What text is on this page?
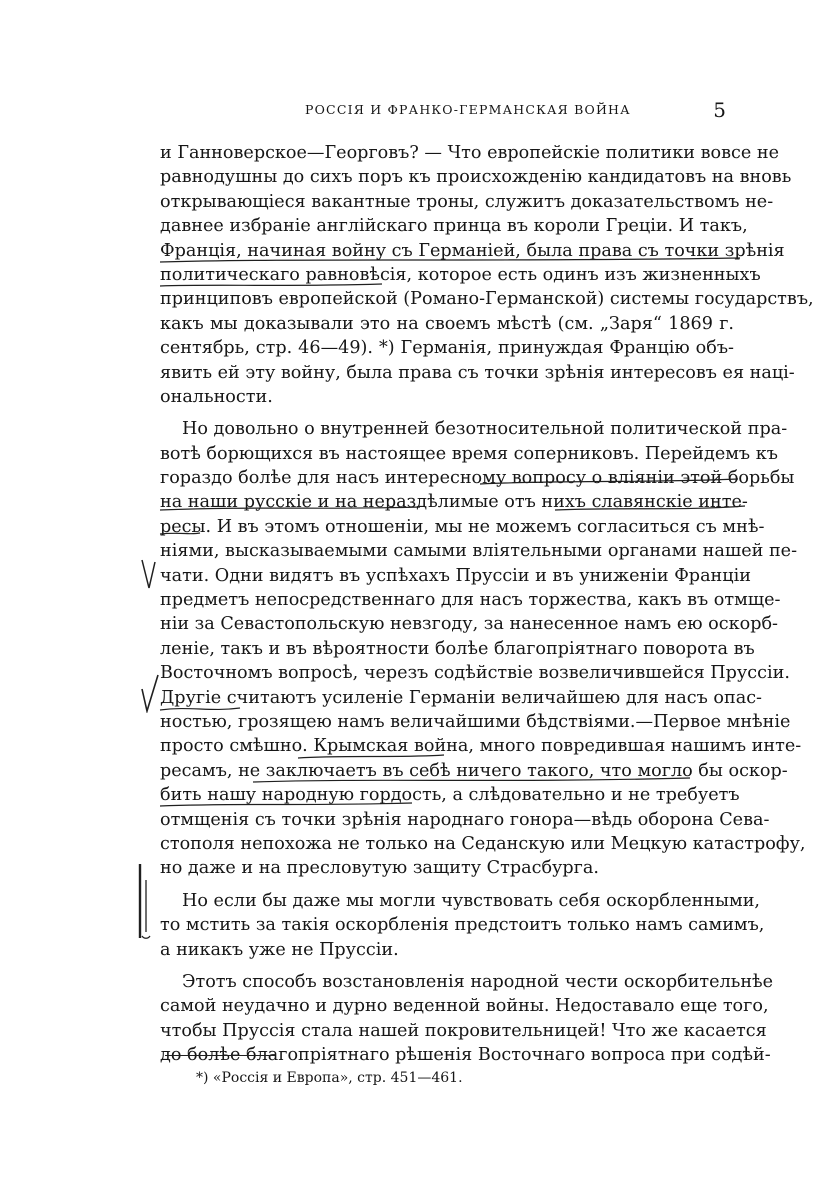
РОССІЯ И ФРАНКО-ГЕРМАНСКАЯ ВОЙНА	5
и Ганноверское—Георговъ? — Что европейскіе политики вовсе не
равнодушны до сихъ поръ къ происхожденію кандидатовъ на вновь
открывающіеся вакантные троны, служитъ доказательствомъ не-
давнее избраніе англійскаго принца въ короли Греціи. И такъ,
Франція, начиная войну съ Германіей, была права съ точки зрѣнія
политическаго равновѣсія, которое есть одинъ изъ жизненныхъ
принциповъ европейской (Романо-Германской) системы государствъ,
какъ мы доказывали это на своемъ мѣстѣ (см. „Заря“ 1869 г.
сентябрь, стр. 46—49). *) Германія, принуждая Францію объ-
явить ей эту войну, была права съ точки зрѣнія интересовъ ея наці-
ональности.
Но довольно о внутренней безотносительной политической пра-
вотѣ борющихся въ настоящее время соперниковъ. Перейдемъ къ
гораздо болѣе для насъ интересному вопросу о вліяніи этой борьбы
на наши русскіе и на нераздѣлимые отъ нихъ славянскіе инте-
ресы. И въ этомъ отношеніи, мы не можемъ согласиться съ мнѣ-
ніями, высказываемыми самыми вліятельными органами нашей пе-
чати. Одни видятъ въ успѣхахъ Пруссіи и въ униженіи Франціи
предметъ непосредственнаго для насъ торжества, какъ въ отмще-
ніи за Севастопольскую невзгоду, за нанесенное намъ ею оскорб-
леніе, такъ и въ вѣроятности болѣе благопріятнаго поворота въ
Восточномъ вопросѣ, черезъ содѣйствіе возвеличившейся Пруссіи.
Другіе считаютъ усиленіе Германіи величайшею для насъ опас-
ностью, грозящею намъ величайшими бѣдствіями.—Первое мнѣніе
просто смѣшно. Крымская война, много повредившая нашимъ инте-
ресамъ, не заключаетъ въ себѣ ничего такого, что могло бы оскор-
бить нашу народную гордость, а слѣдовательно и не требуетъ
отмщенія съ точки зрѣнія народнаго гонора—вѣдь оборона Сева-
стополя непохожа не только на Седанскую или Мецкую катастрофу,
но даже и на пресловутую защиту Страсбурга.
Но если бы даже мы могли чувствовать себя оскорбленными,
то мстить за такія оскорбленія предстоитъ только намъ самимъ,
а никакъ уже не Пруссіи.
Этотъ способъ возстановленія народной чести оскорбительнѣе
самой неудачно и дурно веденной войны. Недоставало еще того,
чтобы Пруссія стала нашей покровительницей! Что же касается
до болѣе благопріятнаго рѣшенія Восточнаго вопроса при содѣй-
*) «Россія и Европа», стр. 451—461.
